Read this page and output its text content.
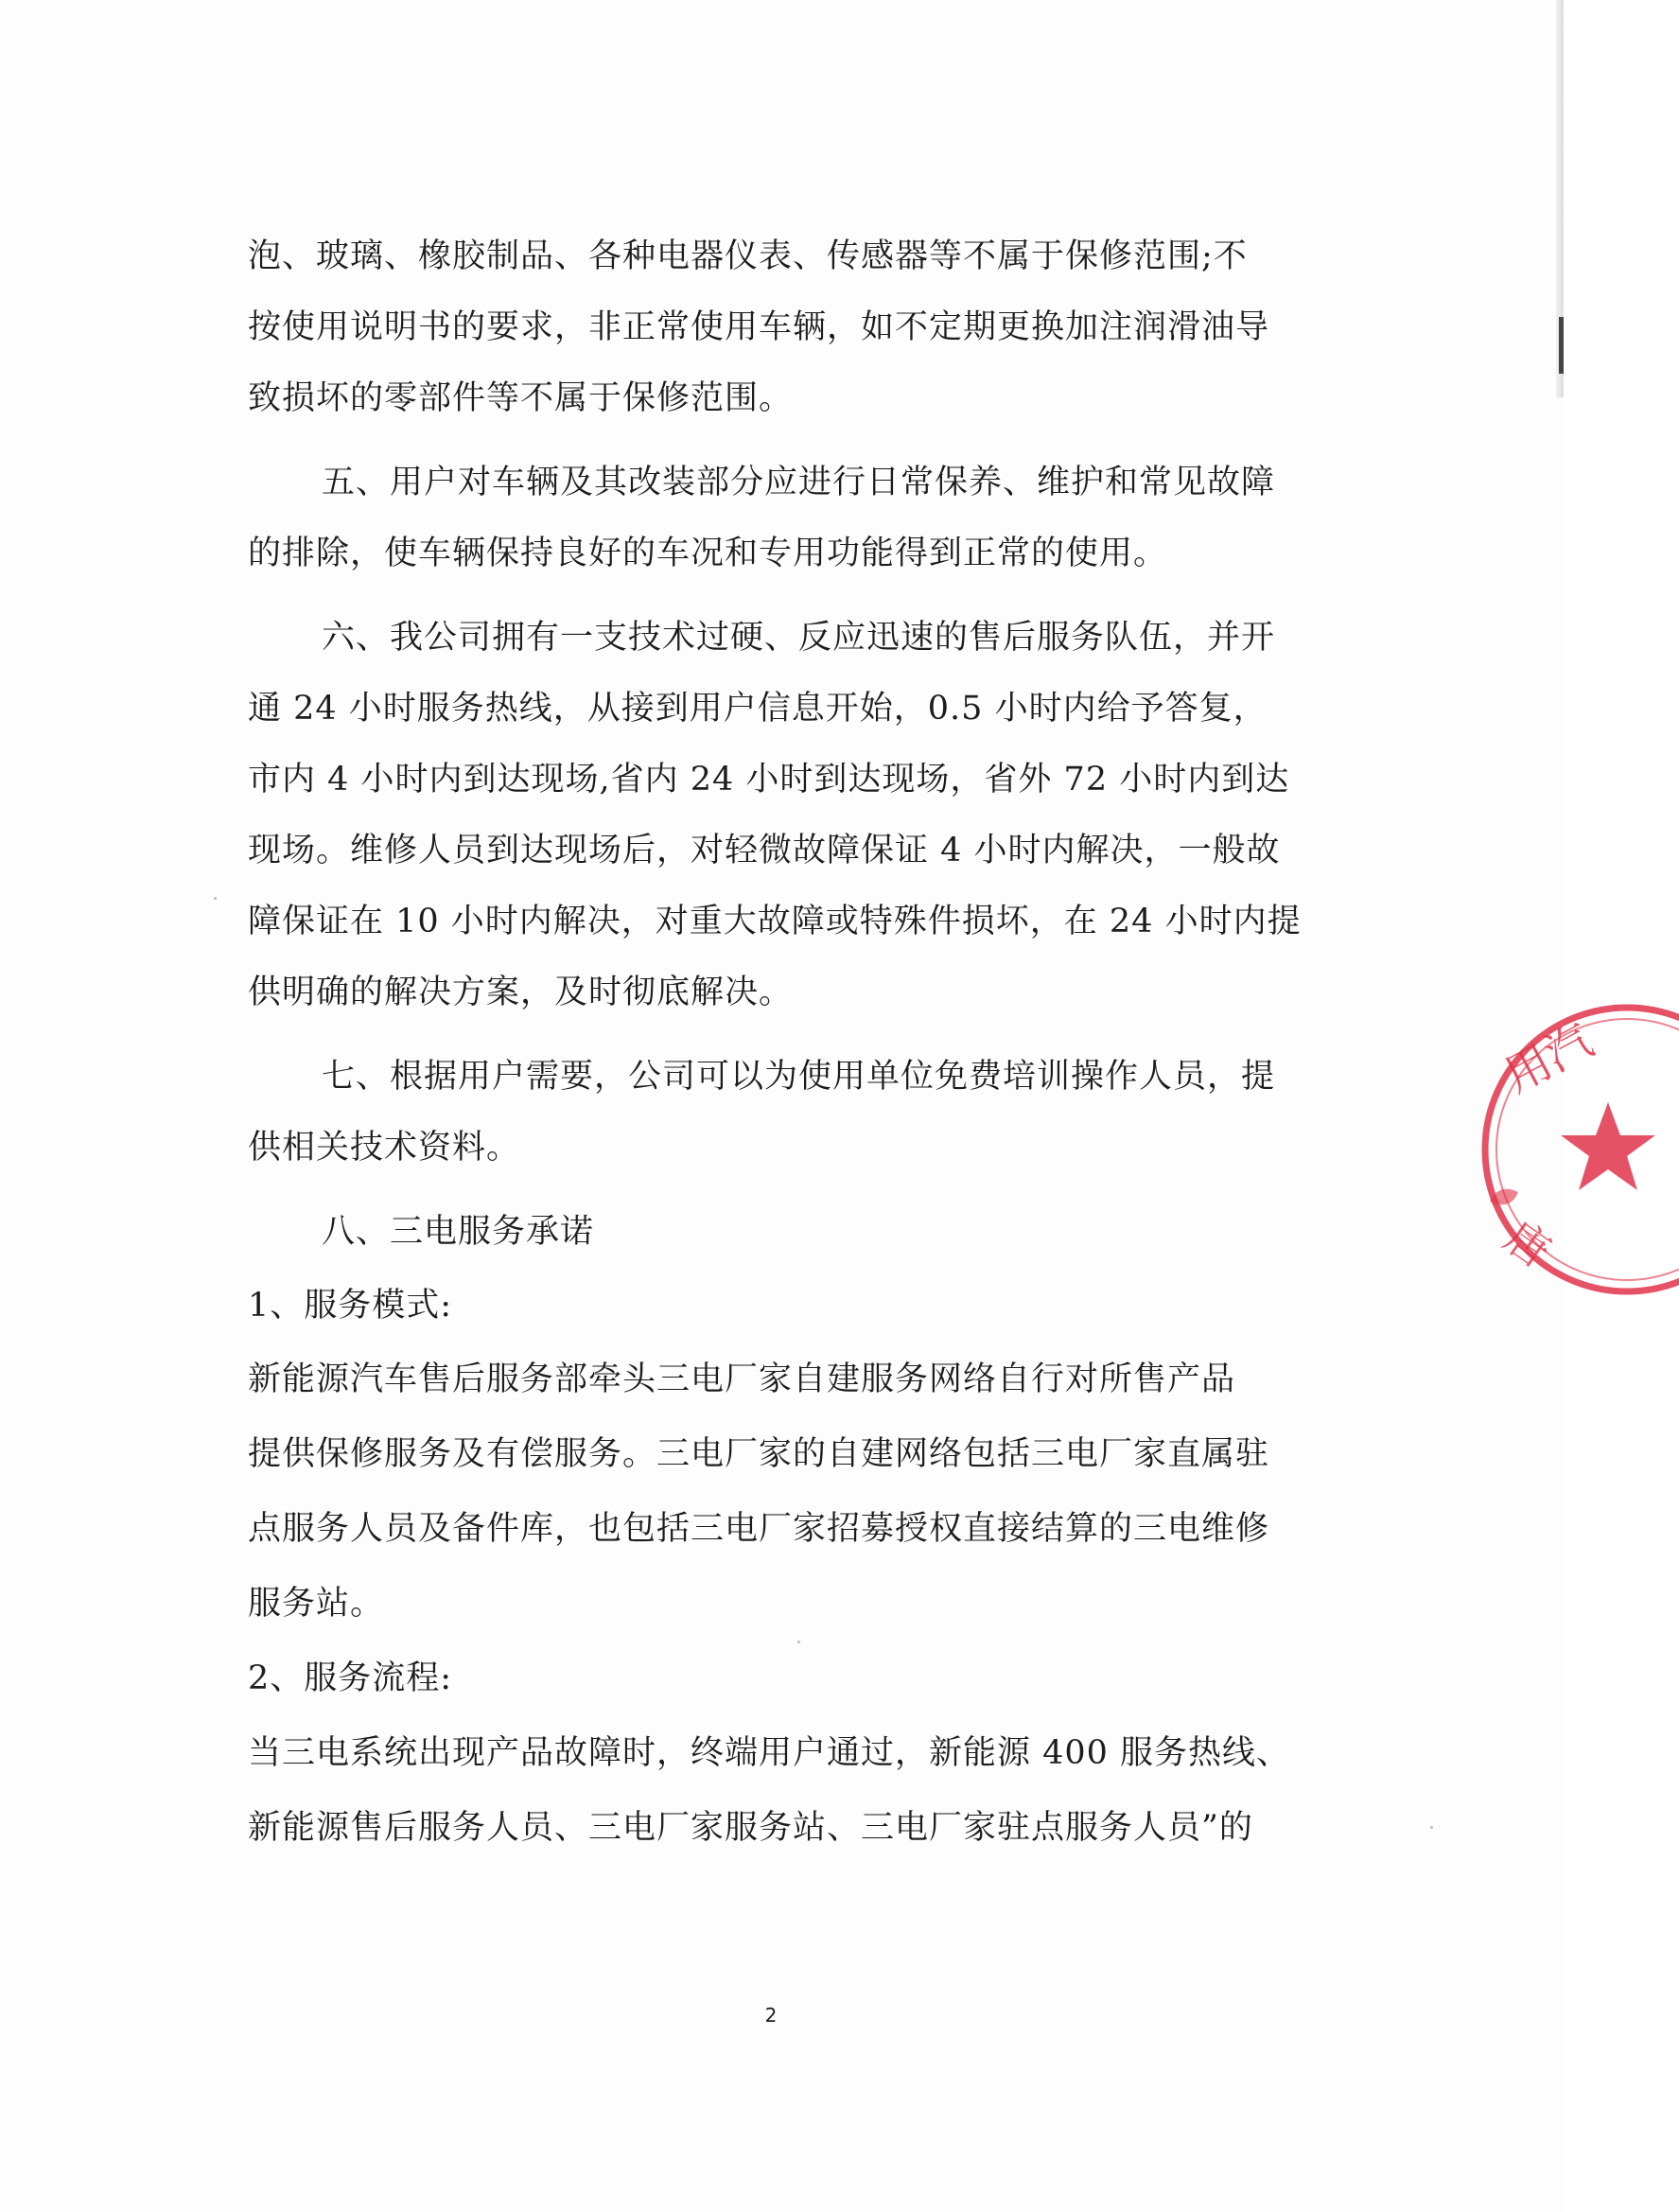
泡、玻璃、橡胶制品、各种电器仪表、传感器等不属于保修范围;不
按使用说明书的要求，非正常使用车辆，如不定期更换加注润滑油导
致损坏的零部件等不属于保修范围。
五、用户对车辆及其改装部分应进行日常保养、维护和常见故障
的排除，使车辆保持良好的车况和专用功能得到正常的使用。
六、我公司拥有一支技术过硬、反应迅速的售后服务队伍，并开
通 24 小时服务热线，从接到用户信息开始，0.5 小时内给予答复，
市内 4 小时内到达现场,省内 24 小时到达现场，省外 72 小时内到达
现场。维修人员到达现场后，对轻微故障保证 4 小时内解决，一般故
障保证在 10 小时内解决，对重大故障或特殊件损坏，在 24 小时内提
供明确的解决方案，及时彻底解决。
七、根据用户需要，公司可以为使用单位免费培训操作人员，提
供相关技术资料。
八、三电服务承诺
1、服务模式:
新能源汽车售后服务部牵头三电厂家自建服务网络自行对所售产品
提供保修服务及有偿服务。三电厂家的自建网络包括三电厂家直属驻
点服务人员及备件库，也包括三电厂家招募授权直接结算的三电维修
服务站。
2、服务流程:
当三电系统出现产品故障时，终端用户通过，新能源 400 服务热线、
新能源售后服务人员、三电厂家服务站、三电厂家驻点服务人员”的
2
用汽
唐
